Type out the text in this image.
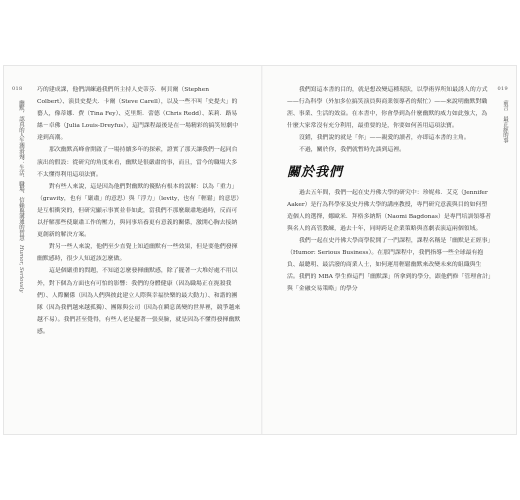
018
幽默，認真的人生潤滑劑：生活、職場、信賴與溝通的智慧 Humor, Seriously

巧的建成課，他們訓練過我們所主持人史蒂芬．柯貝爾（Stephen Colbert）、演員史提夫．卡爾（Steve Carell），以及一些不叫「史提夫」的藝人，像蒂娜．費（Tina Fey）、克里斯．蕾德（Chris Redd）、茱莉．路易絲－卓佛（Julia Louis-Dreyfus），這門課程最後是在一場精彩的搞笑短劇中達到高潮。

那次幽默高峰會開啟了一場持續多年的探索，證實了那天讓我們一起同台演出的假設：從研究的角度來看，幽默是很嚴肅的事，而且，當今的職場大多不太懂得利用這項法寶。

對有些人來說，這是因為他們對幽默的優點有根本的誤解：以為「重力」（gravity，也有「嚴肅」的意思）與「浮力」（levity，也有「輕鬆」的意思）是互相衝突的，但研究顯示事實並非如此，當我們不那麼嚴肅地過時，反而可以抒解那些使嚴肅工作的壓力，與同事培養更有意義的關係，激開心胸去接納更創新的解決方案。

對另一些人來說，他們至少直覺上知道幽默有一些效果，但是要他們發揮幽默感時，很少人知道該怎麼做。

這是個嚴重的問題，不知道怎麼發揮幽默感，除了擺著一大堆好處不用以外，對下個為方面也有可怕的影響：我們的身體健康（因為職場正在扼殺我們）、人際關係（因為人們與彼此建立人際與幸福快樂的最大動力）、和諧的團隊（因為我們越來越孤獨）、團隊與公司（因為在瞬息萬變的世界裡，競爭越來越不易）。我們甚至覺得，有些人老是擺著一張臭臉，就是因為不懂得發揮幽默感。

019
前言　最正經的事

我們寫這本書的目的，就是想改變這種現狀，以學術界所知最誘人的方式——行為科學（外加多位搞笑演員與商業領導者的幫忙）——來說明幽默對職涯、事業、生活的效益。在本書中，你會學到為什麼幽默的威力如此強大，為什麼大家常沒有充分利用，最重要的是，你要如何善用這項法寶。

沒錯，我們說的就是「你」——親愛的讀者，亦即這本書的主角。

不過，關於你，我們就暫時先談到這裡。

關於我們

過去五年間，我們一起在史丹佛大學的研究中：珍妮弗．艾克（Jennifer Aaker）是行為科學家及史丹佛大學的講座教授，專門研究意義與目的如何塑造個人的選擇，娜歐米．拜格多納斯（Naomi Bagdonas）是專門培訓領導者與名人的高管教練，過去十年，同時跨足企業策略與喜劇表演這兩個領域。

我們一起在史丹佛大學商學院開了一門課程，課程名稱是「幽默是正經事」（Humor: Serious Business）。在那門課程中，我們指導一些全球最有抱負、最聰明、最活潑的商業人士，如何運用輕鬆幽默來改變未來的組織與生活。我們的 MBA 學生修這門「幽默課」所拿到的學分，跟他們修「管理會計」與「金融交易策略」的學分
